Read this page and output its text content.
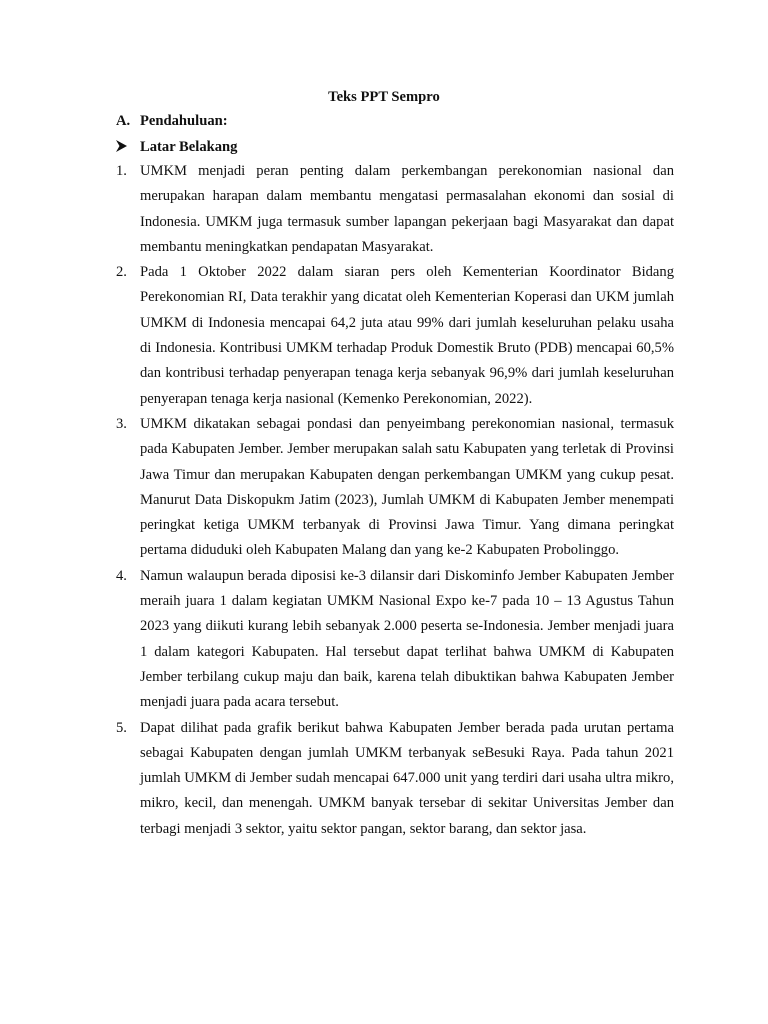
Teks PPT Sempro
A. Pendahuluan:
Latar Belakang
1. UMKM menjadi peran penting dalam perkembangan perekonomian nasional dan merupakan harapan dalam membantu mengatasi permasalahan ekonomi dan sosial di Indonesia. UMKM juga termasuk sumber lapangan pekerjaan bagi Masyarakat dan dapat membantu meningkatkan pendapatan Masyarakat.
2. Pada 1 Oktober 2022 dalam siaran pers oleh Kementerian Koordinator Bidang Perekonomian RI, Data terakhir yang dicatat oleh Kementerian Koperasi dan UKM jumlah UMKM di Indonesia mencapai 64,2 juta atau 99% dari jumlah keseluruhan pelaku usaha di Indonesia. Kontribusi UMKM terhadap Produk Domestik Bruto (PDB) mencapai 60,5% dan kontribusi terhadap penyerapan tenaga kerja sebanyak 96,9% dari jumlah keseluruhan penyerapan tenaga kerja nasional (Kemenko Perekonomian, 2022).
3. UMKM dikatakan sebagai pondasi dan penyeimbang perekonomian nasional, termasuk pada Kabupaten Jember. Jember merupakan salah satu Kabupaten yang terletak di Provinsi Jawa Timur dan merupakan Kabupaten dengan perkembangan UMKM yang cukup pesat. Manurut Data Diskopukm Jatim (2023), Jumlah UMKM di Kabupaten Jember menempati peringkat ketiga UMKM terbanyak di Provinsi Jawa Timur. Yang dimana peringkat pertama diduduki oleh Kabupaten Malang dan yang ke-2 Kabupaten Probolinggo.
4. Namun walaupun berada diposisi ke-3 dilansir dari Diskominfo Jember Kabupaten Jember meraih juara 1 dalam kegiatan UMKM Nasional Expo ke-7 pada 10 – 13 Agustus Tahun 2023 yang diikuti kurang lebih sebanyak 2.000 peserta se-Indonesia. Jember menjadi juara 1 dalam kategori Kabupaten. Hal tersebut dapat terlihat bahwa UMKM di Kabupaten Jember terbilang cukup maju dan baik, karena telah dibuktikan bahwa Kabupaten Jember menjadi juara pada acara tersebut.
5. Dapat dilihat pada grafik berikut bahwa Kabupaten Jember berada pada urutan pertama sebagai Kabupaten dengan jumlah UMKM terbanyak seBesuki Raya. Pada tahun 2021 jumlah UMKM di Jember sudah mencapai 647.000 unit yang terdiri dari usaha ultra mikro, mikro, kecil, dan menengah. UMKM banyak tersebar di sekitar Universitas Jember dan terbagi menjadi 3 sektor, yaitu sektor pangan, sektor barang, dan sektor jasa.
